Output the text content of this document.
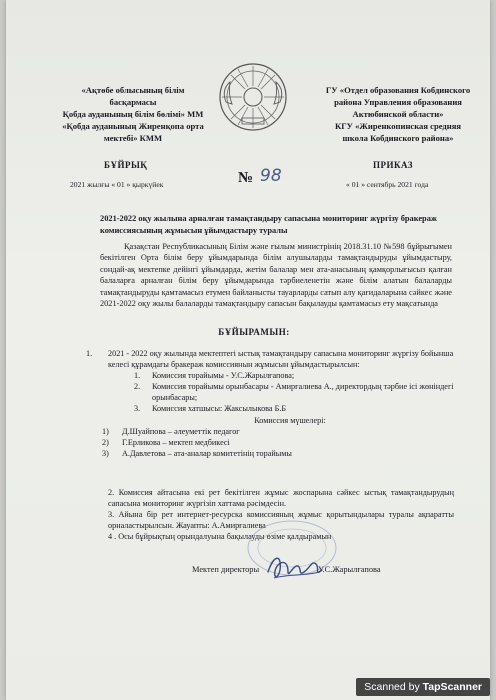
«Ақтөбе облысының білім
басқармасы
Қобда ауданының білім бөлімі» ММ
«Қобда ауданының Жиренқопа орта
мектебі» КММ
ГУ «Отдел образования Кобдинского
района Управления образования
Актюбинской области»
КГУ «Жиренкопинская средняя
школа Кобдинского района»
БҰЙРЫҚ	ПРИКАЗ
2021 жылғы « 01 » қыркүйек	« 01 » сентябрь 2021 года
№ 98
2021-2022 оқу жылына арналған тамақтандыру сапасына мониторинг жүргізу бракераж комиссиясының жұмысын ұйымдастыру туралы
Қазақстан Республикасының Білім және ғылым министрінің 2018.31.10 №598 бұйрығымен бекітілген Орта білім беру ұйымдарында білім алушыларды тамақтандыруды ұйымдастыру, сондай-ақ мектепке дейінгі ұйымдарда, жетім балалар мен ата-анасының қамқорлығысыз қалған балаларға арналған білім беру ұйымдарында тәрбиеленетін және білім алатын балаларды тамақтандыруды қамтамасыз етумен байланысты тауарларды сатып алу қағидаларына сәйкес және 2021-2022 оқу жылы балаларды тамақтандыру сапасын бақылауды қамтамасыз ету мақсатында
БҰЙЫРАМЫН:
1. 2021 - 2022 оқу жылында мектептегі ыстық тамақтандыру сапасына мониторинг жүргізу бойынша келесі құрамдағы бракераж комиссиянын жұмысын ұйымдастырылсын:
1. Комиссия торайымы - У.С.Жарылғапова;
2. Комиссия торайымы орынбасары - Амирғалиева А., директордың тәрбие ісі жөніндегі орынбасары;
3. Комиссия хатшысы: Жаксылыкова Б.Б
Комиссия мүшелері:
1) Д.Шуайпова – әлеуметтік педагог
2) Г.Ерликова – мектеп медбикесі
3) А.Давлетова – ата-аналар комитетінің торайымы
2. Комиссия айтасына екі рет бекітілген жұмыс жоспарына сәйкес ыстық тамақтандырудың сапасына мониторинг жүргізіп хаттама рәсімдесін.
3. Айына бір рет интернет-ресурска комиссияның жұмыс қорытындылары туралы ақпаратты орналастырылсын. Жауапты: А.Амирғалиева
4 . Осы бұйрықтың орындалуына бақылауды өзіме қалдырамын
Мектеп директоры	У.С.Жарылғапова
Scanned by TapScanner
